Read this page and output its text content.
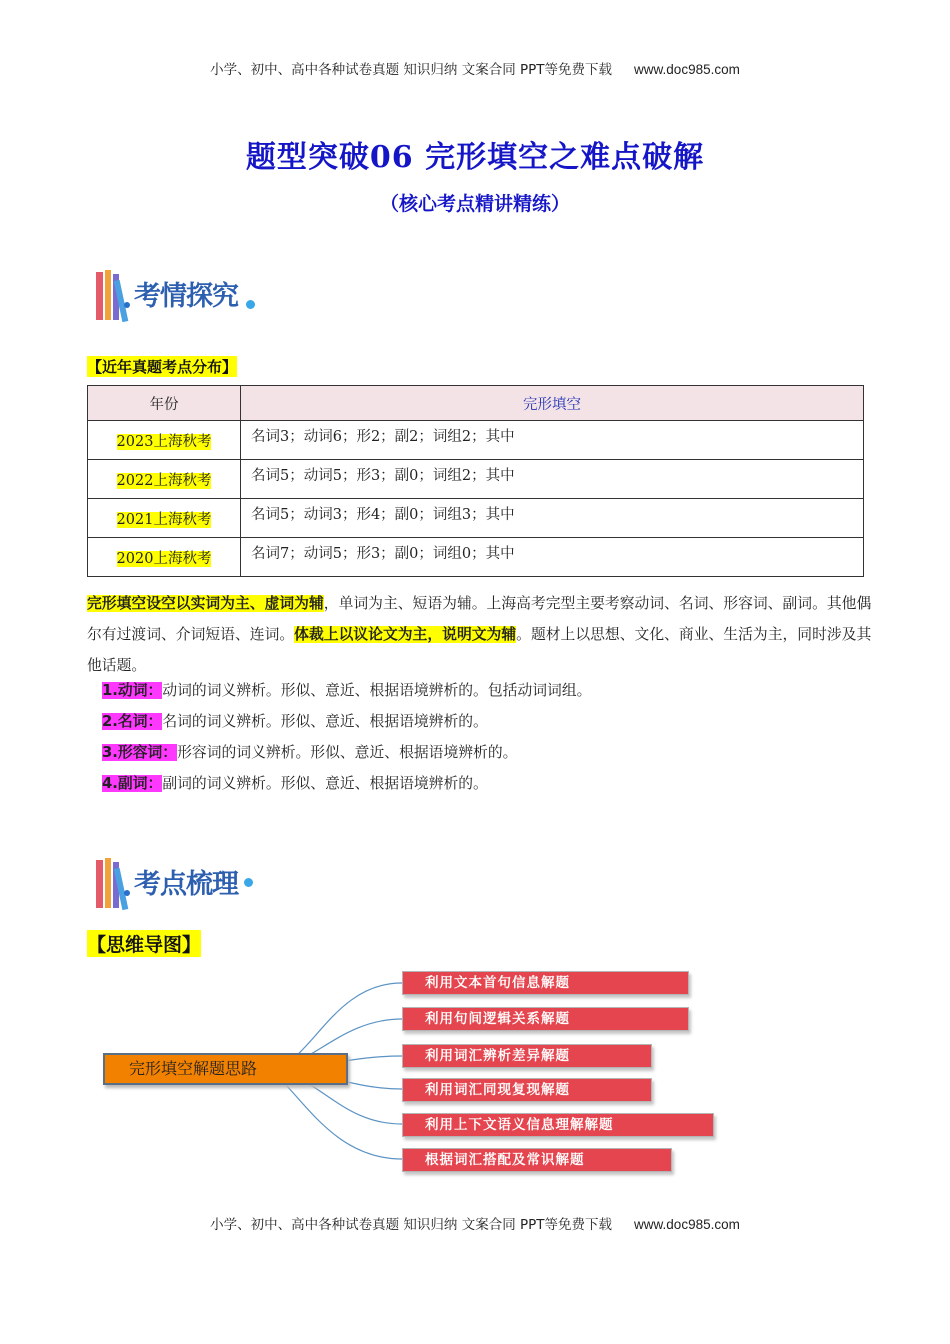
小学、初中、高中各种试卷真题 知识归纳 文案合同 PPT等免费下载 www.doc985.com
题型突破06 完形填空之难点破解
（核心考点精讲精练）
考情探究
【近年真题考点分布】
年份	完形填空
2023上海秋考	名词3；动词6；形2；副2；词组2；其中
2022上海秋考	名词5；动词5；形3；副0；词组2；其中
2021上海秋考	名词5；动词3；形4；副0；词组3；其中
2020上海秋考	名词7；动词5；形3；副0；词组0；其中
完形填空设空以实词为主、虚词为辅，单词为主、短语为辅。上海高考完型主要考察动词、名词、形容词、副词。其他偶尔有过渡词、介词短语、连词。体裁上以议论文为主，说明文为辅。题材上以思想、文化、商业、生活为主，同时涉及其他话题。
1.动词：动词的词义辨析。形似、意近、根据语境辨析的。包括动词词组。
2.名词：名词的词义辨析。形似、意近、根据语境辨析的。
3.形容词：形容词的词义辨析。形似、意近、根据语境辨析的。
4.副词：副词的词义辨析。形似、意近、根据语境辨析的。
考点梳理
【思维导图】
完形填空解题思路
利用文本首句信息解题
利用句间逻辑关系解题
利用词汇辨析差异解题
利用词汇同现复现解题
利用上下文语义信息理解解题
根据词汇搭配及常识解题
小学、初中、高中各种试卷真题 知识归纳 文案合同 PPT等免费下载 www.doc985.com
